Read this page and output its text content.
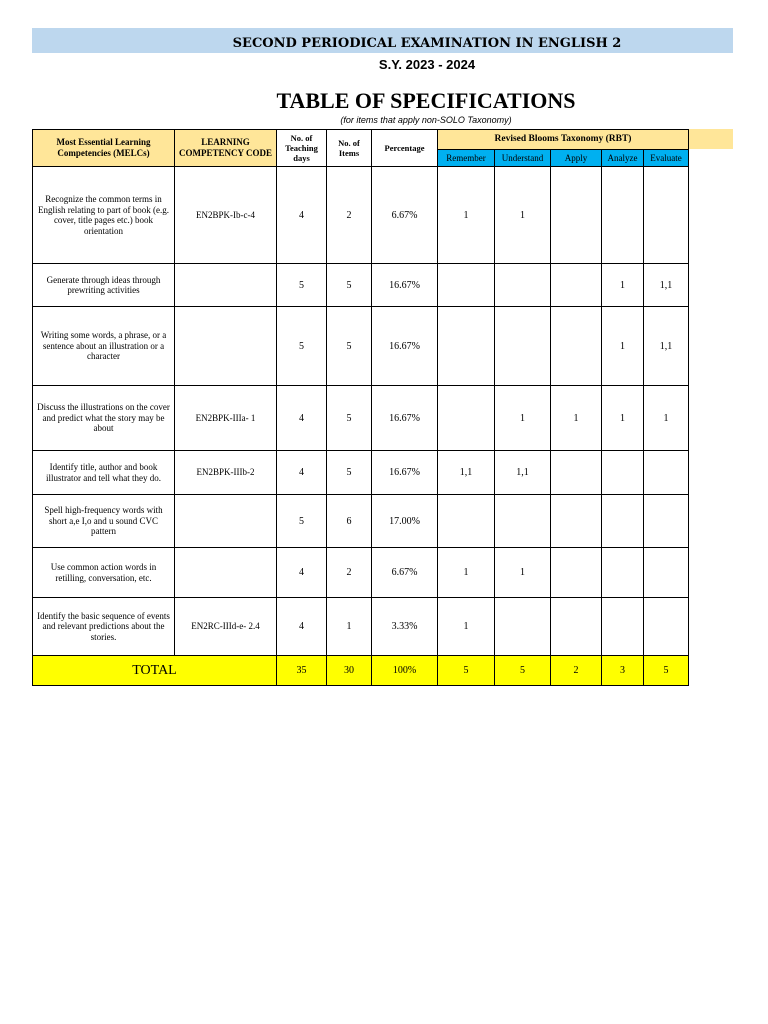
SECOND PERIODICAL EXAMINATION IN ENGLISH 2
S.Y. 2023 - 2024
TABLE OF SPECIFICATIONS
(for items that apply non-SOLO Taxonomy)
Most Essential Learning Competencies (MELCs)	LEARNING COMPETENCY CODE	No. of Teaching days	No. of Items	Percentage	Revised Blooms Taxonomy (RBT)				
					Remember	Understand	Apply	Analyze	Evaluate
Recognize the common terms in English relating to part of book (e.g. cover, title pages etc.) book orientation	EN2BPK-Ib-c-4	4	2	6.67%	1	1			
Generate through ideas through prewriting activities		5	5	16.67%				1	1,1
Writing some words, a phrase, or a sentence about an illustration or a character		5	5	16.67%				1	1,1
Discuss the illustrations on the cover and predict what the story may be about	EN2BPK-IIIa- 1	4	5	16.67%		1	1	1	1
Identify title, author and book illustrator and tell what they do.	EN2BPK-IIIb-2	4	5	16.67%	1,1	1,1			
Spell high-frequency words with short a,e I,o and u sound CVC pattern		5	6	17.00%					
Use common action words in retilling, conversation, etc.		4	2	6.67%	1	1			
Identify the basic sequence of events and relevant predictions about the stories.	EN2RC-IIId-e- 2.4	4	1	3.33%	1				
TOTAL		35	30	100%	5	5	2	3	5
